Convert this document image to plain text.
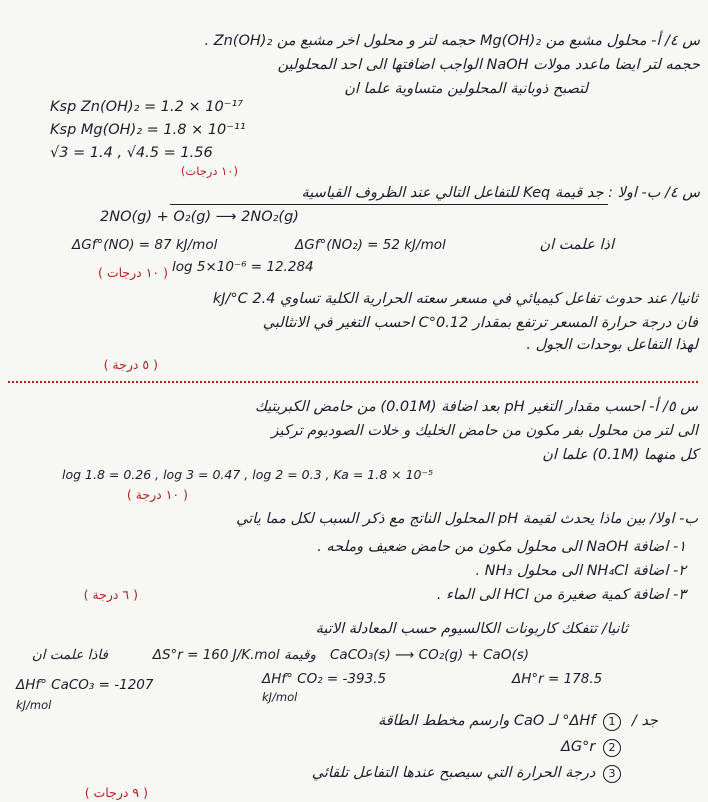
س ٤/ أ- محلول مشبع من Mg(OH)₂ حجمه لتر و محلول اخر مشبع من Zn(OH)₂ .
حجمه لتر ايضا ماعدد مولات NaOH الواجب اضافتها الى احد المحلولين
لتصبح ذوبانية المحلولين متساوية علما ان
Ksp Zn(OH)₂ = 1.2 × 10⁻¹⁷
Ksp Mg(OH)₂ = 1.8 × 10⁻¹¹
√3 = 1.4 , √4.5 = 1.56
(١٠ درجات)
س ٤/ ب- اولا : جد قيمة Keq للتفاعل التالي عند الظروف القياسية
2NO(g) + O₂(g) ⟶ 2NO₂(g)
اذا علمت ان
ΔGf°(NO) = 87 kJ/mol	ΔGf°(NO₂) = 52 kJ/mol
log 5×10⁻⁶ = 12.284
( ١٠ درجات )
ثانيا/ عند حدوث تفاعل كيميائي في مسعر سعته الحرارية الكلية تساوي 2.4 kJ/°C
فان درجة حرارة المسعر ترتفع بمقدار 0.12°C احسب التغير في الانثالبي
لهذا التفاعل بوحدات الجول .
( ٥ درجة )
س ٥/ أ- احسب مقدار التغير pH بعد اضافة (0.01M) من حامض الكبريتيك
الى لتر من محلول بفر مكون من حامض الخليك و خلات الصوديوم تركيز
كل منهما (0.1M) علما ان
log 1.8 = 0.26 , log 3 = 0.47 , log 2 = 0.3 , Ka = 1.8 × 10⁻⁵
( ١٠ درجة )
ب- اولا/ بين ماذا يحدث لقيمة pH المحلول الناتج مع ذكر السبب لكل مما ياتي
١- اضافة NaOH الى محلول مكون من حامض ضعيف وملحه .
٢- اضافة NH₄Cl الى محلول NH₃ .
٣- اضافة كمية صغيرة من HCl الى الماء .
( ٦ درجة )
ثانيا/ تتفكك كاربونات الكالسيوم حسب المعادلة الاتية
CaCO₃(s) ⟶ CO₂(g) + CaO(s)
وقيمة ΔS°r = 160 J/K.mol
فاذا علمت ان
ΔH°r = 178.5
ΔHf° CO₂ = -393.5
kJ/mol
ΔHf° CaCO₃ = -1207
kJ/mol
جد /
1 ΔHf° لـ CaO وارسم مخطط الطاقة
2 ΔG°r
3 درجة الحرارة التي سيصبح عندها التفاعل تلقائي
( ٩ درجات )
